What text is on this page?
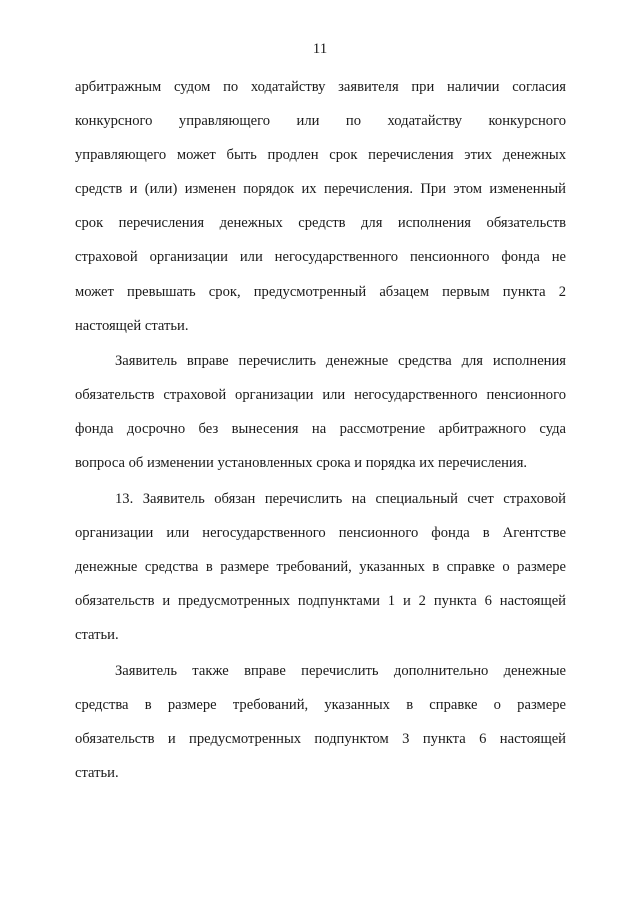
11
арбитражным судом по ходатайству заявителя при наличии согласия
конкурсного управляющего или по ходатайству конкурсного
управляющего может быть продлен срок перечисления этих денежных
средств и (или) изменен порядок их перечисления. При этом измененный
срок перечисления денежных средств для исполнения обязательств
страховой организации или негосударственного пенсионного фонда не
может превышать срок, предусмотренный абзацем первым пункта 2
настоящей статьи.
Заявитель вправе перечислить денежные средства для исполнения
обязательств страховой организации или негосударственного пенсионного
фонда досрочно без вынесения на рассмотрение арбитражного суда
вопроса об изменении установленных срока и порядка их перечисления.
13. Заявитель обязан перечислить на специальный счет страховой
организации или негосударственного пенсионного фонда в Агентстве
денежные средства в размере требований, указанных в справке о размере
обязательств и предусмотренных подпунктами 1 и 2 пункта 6 настоящей
статьи.
Заявитель также вправе перечислить дополнительно денежные
средства в размере требований, указанных в справке о размере
обязательств и предусмотренных подпунктом 3 пункта 6 настоящей
статьи.
